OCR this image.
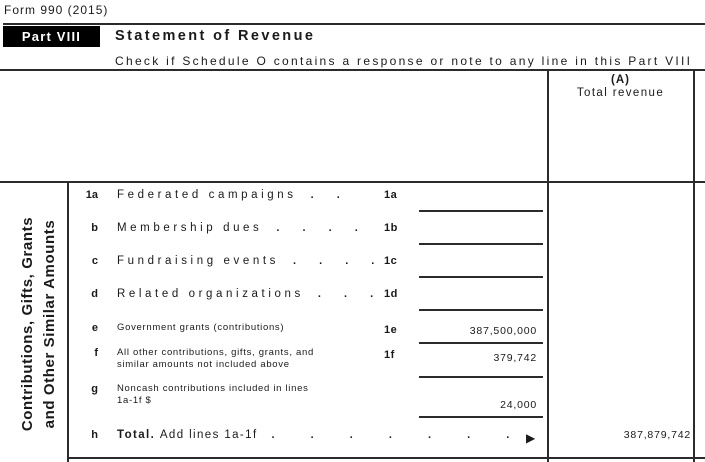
Form 990 (2015)
Part VIII	Statement of Revenue
Check if Schedule O contains a response or note to any line in this Part VIII
(A)
Total revenue
Contributions, Gifts, Grants and Other Similar Amounts
1a Federated campaigns . .	1a
b Membership dues . . . . 1b
c Fundraising events . . . . 1c
d Related organizations . . . 1d
e Government grants (contributions)	1e	387,500,000
f All other contributions, gifts, grants, and
similar amounts not included above
1f	379,742
g Noncash contributions included in lines
1a-1f $	24,000
h Total. Add lines 1a-1f . . . . . . . ▶	387,879,742
